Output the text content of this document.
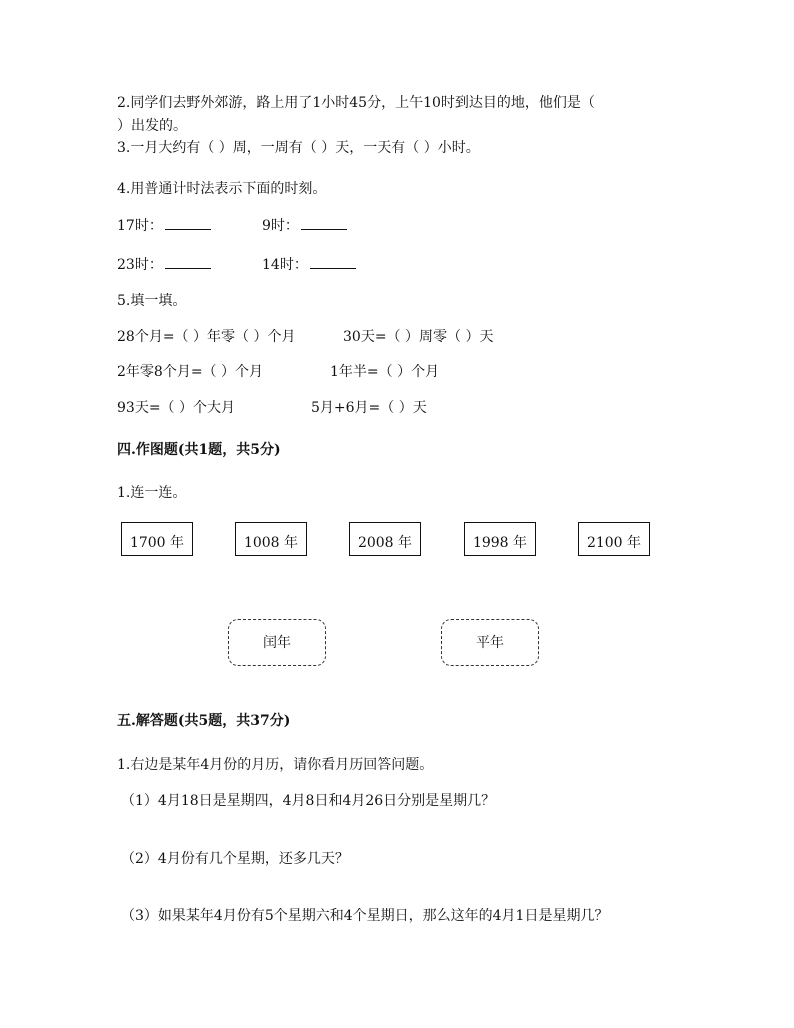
2.同学们去野外郊游，路上用了1小时45分，上午10时到达目的地，他们是（
）出发的。
3.一月大约有（ ）周，一周有（ ）天，一天有（ ）小时。
4.用普通计时法表示下面的时刻。
17时：	9时：
23时：	14时：
5.填一填。
28个月=（ ）年零（ ）个月	30天=（ ）周零（ ）天
2年零8个月=（ ）个月	1年半=（ ）个月
93天=（ ）个大月	5月+6月=（ ）天
四.作图题(共1题，共5分)
1.连一连。
1700 年	1008 年	2008 年	1998 年	2100 年
闰年	平年
五.解答题(共5题，共37分)
1.右边是某年4月份的月历，请你看月历回答问题。
（1）4月18日是星期四，4月8日和4月26日分别是星期几？
（2）4月份有几个星期，还多几天？
（3）如果某年4月份有5个星期六和4个星期日，那么这年的4月1日是星期几？
